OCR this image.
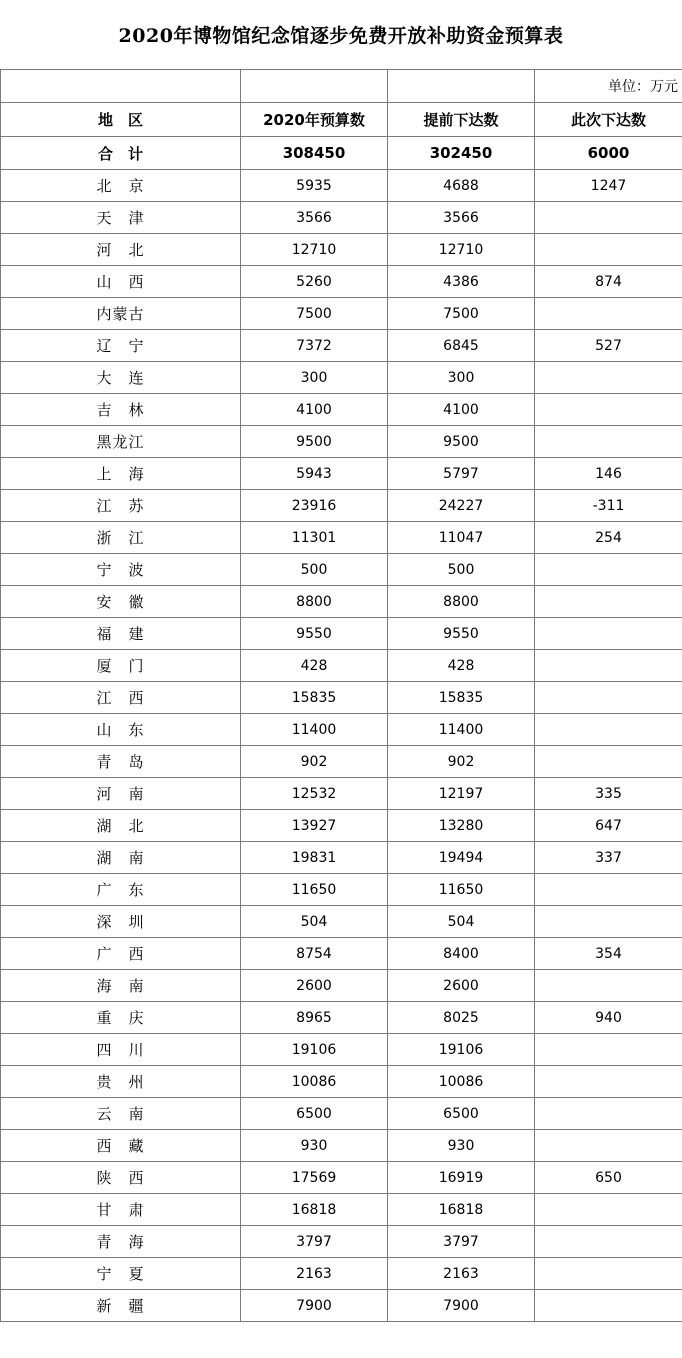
2020年博物馆纪念馆逐步免费开放补助资金预算表
			单位：万元
地　区	2020年预算数	提前下达数	此次下达数
合　计	308450	302450	6000
北　京	5935	4688	1247
天　津	3566	3566	
河　北	12710	12710	
山　西	5260	4386	874
内蒙古	7500	7500	
辽　宁	7372	6845	527
大　连	300	300	
吉　林	4100	4100	
黑龙江	9500	9500	
上　海	5943	5797	146
江　苏	23916	24227	-311
浙　江	11301	11047	254
宁　波	500	500	
安　徽	8800	8800	
福　建	9550	9550	
厦　门	428	428	
江　西	15835	15835	
山　东	11400	11400	
青　岛	902	902	
河　南	12532	12197	335
湖　北	13927	13280	647
湖　南	19831	19494	337
广　东	11650	11650	
深　圳	504	504	
广　西	8754	8400	354
海　南	2600	2600	
重　庆	8965	8025	940
四　川	19106	19106	
贵　州	10086	10086	
云　南	6500	6500	
西　藏	930	930	
陕　西	17569	16919	650
甘　肃	16818	16818	
青　海	3797	3797	
宁　夏	2163	2163	
新　疆	7900	7900	
